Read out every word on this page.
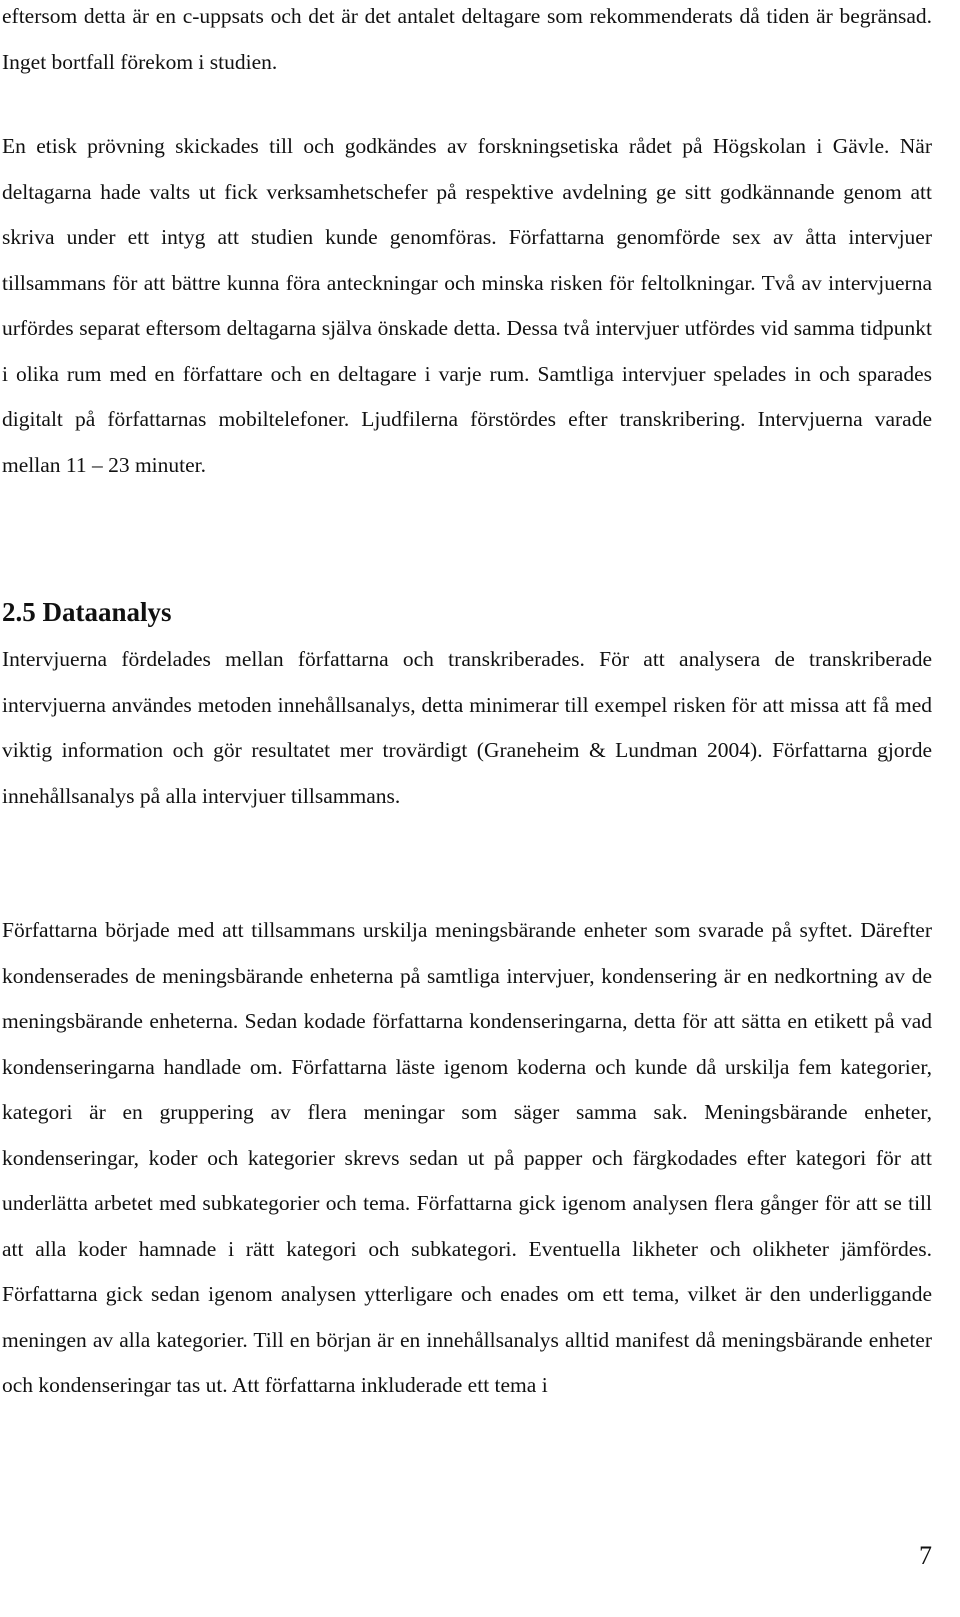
eftersom detta är en c-uppsats och det är det antalet deltagare som rekommenderats då tiden är begränsad. Inget bortfall förekom i studien.

En etisk prövning skickades till och godkändes av forskningsetiska rådet på Högskolan i Gävle. När deltagarna hade valts ut fick verksamhetschefer på respektive avdelning ge sitt godkännande genom att skriva under ett intyg att studien kunde genomföras. Författarna genomförde sex av åtta intervjuer tillsammans för att bättre kunna föra anteckningar och minska risken för feltolkningar. Två av intervjuerna urfördes separat eftersom deltagarna själva önskade detta. Dessa två intervjuer utfördes vid samma tidpunkt i olika rum med en författare och en deltagare i varje rum. Samtliga intervjuer spelades in och sparades digitalt på författarnas mobiltelefoner. Ljudfilerna förstördes efter transkribering. Intervjuerna varade mellan 11 – 23 minuter.

2.5 Dataanalys

Intervjuerna fördelades mellan författarna och transkriberades. För att analysera de transkriberade intervjuerna användes metoden innehållsanalys, detta minimerar till exempel risken för att missa att få med viktig information och gör resultatet mer trovärdigt (Graneheim & Lundman 2004). Författarna gjorde innehållsanalys på alla intervjuer tillsammans.

Författarna började med att tillsammans urskilja meningsbärande enheter som svarade på syftet. Därefter kondenserades de meningsbärande enheterna på samtliga intervjuer, kondensering är en nedkortning av de meningsbärande enheterna. Sedan kodade författarna kondenseringarna, detta för att sätta en etikett på vad kondenseringarna handlade om. Författarna läste igenom koderna och kunde då urskilja fem kategorier, kategori är en gruppering av flera meningar som säger samma sak. Meningsbärande enheter, kondenseringar, koder och kategorier skrevs sedan ut på papper och färgkodades efter kategori för att underlätta arbetet med subkategorier och tema. Författarna gick igenom analysen flera gånger för att se till att alla koder hamnade i rätt kategori och subkategori. Eventuella likheter och olikheter jämfördes. Författarna gick sedan igenom analysen ytterligare och enades om ett tema, vilket är den underliggande meningen av alla kategorier. Till en början är en innehållsanalys alltid manifest då meningsbärande enheter och kondenseringar tas ut. Att författarna inkluderade ett tema i

7
